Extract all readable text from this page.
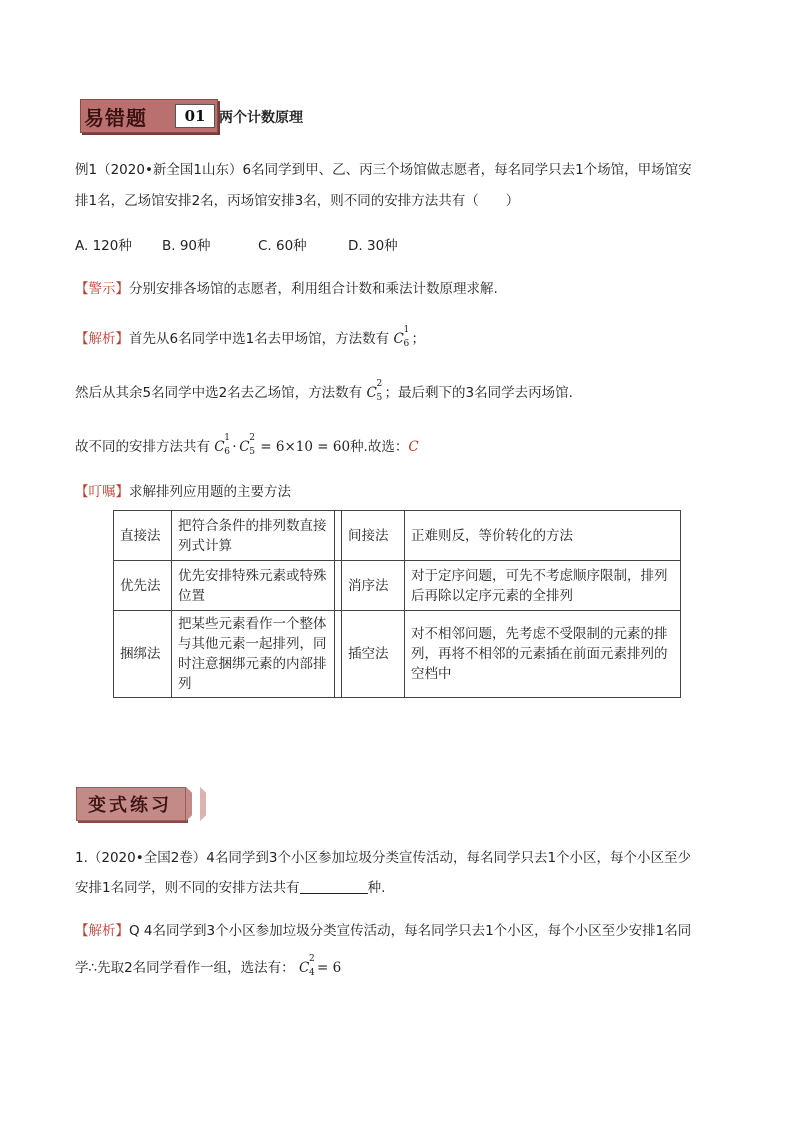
易错题	01 两个计数原理
例1（2020•新全国1山东）6名同学到甲、乙、丙三个场馆做志愿者，每名同学只去1个场馆，甲场馆安
排1名，乙场馆安排2名，丙场馆安排3名，则不同的安排方法共有（　　）
A. 120种 B. 90种	C. 60种	D. 30种
【警示】分别安排各场馆的志愿者，利用组合计数和乘法计数原理求解.
【解析】首先从6名同学中选1名去甲场馆，方法数有 C
1
6 ；
然后从其余5名同学中选2名去乙场馆，方法数有 C
2
5 ；最后剩下的3名同学去丙场馆.
故不同的安排方法共有 C
1
6 · C
2
5 = 6×10 = 60种.故选：C
【叮嘱】求解排列应用题的主要方法
直接法	把符合条件的排列数直接列式计算		间接法	正难则反，等价转化的方法
优先法	优先安排特殊元素或特殊位置		消序法	对于定序问题，可先不考虑顺序限制，排列后再除以定序元素的全排列
捆绑法	把某些元素看作一个整体与其他元素一起排列，同时注意捆绑元素的内部排列		插空法	对不相邻问题，先考虑不受限制的元素的排列，再将不相邻的元素插在前面元素排列的空档中
变式练习
1.（2020•全国2卷）4名同学到3个小区参加垃圾分类宣传活动，每名同学只去1个小区，每个小区至少
安排1名同学，则不同的安排方法共有	种.
【解析】Q 4名同学到3个小区参加垃圾分类宣传活动，每名同学只去1个小区，每个小区至少安排1名同
学∴先取2名同学看作一组，选法有： C
2
4 = 6
